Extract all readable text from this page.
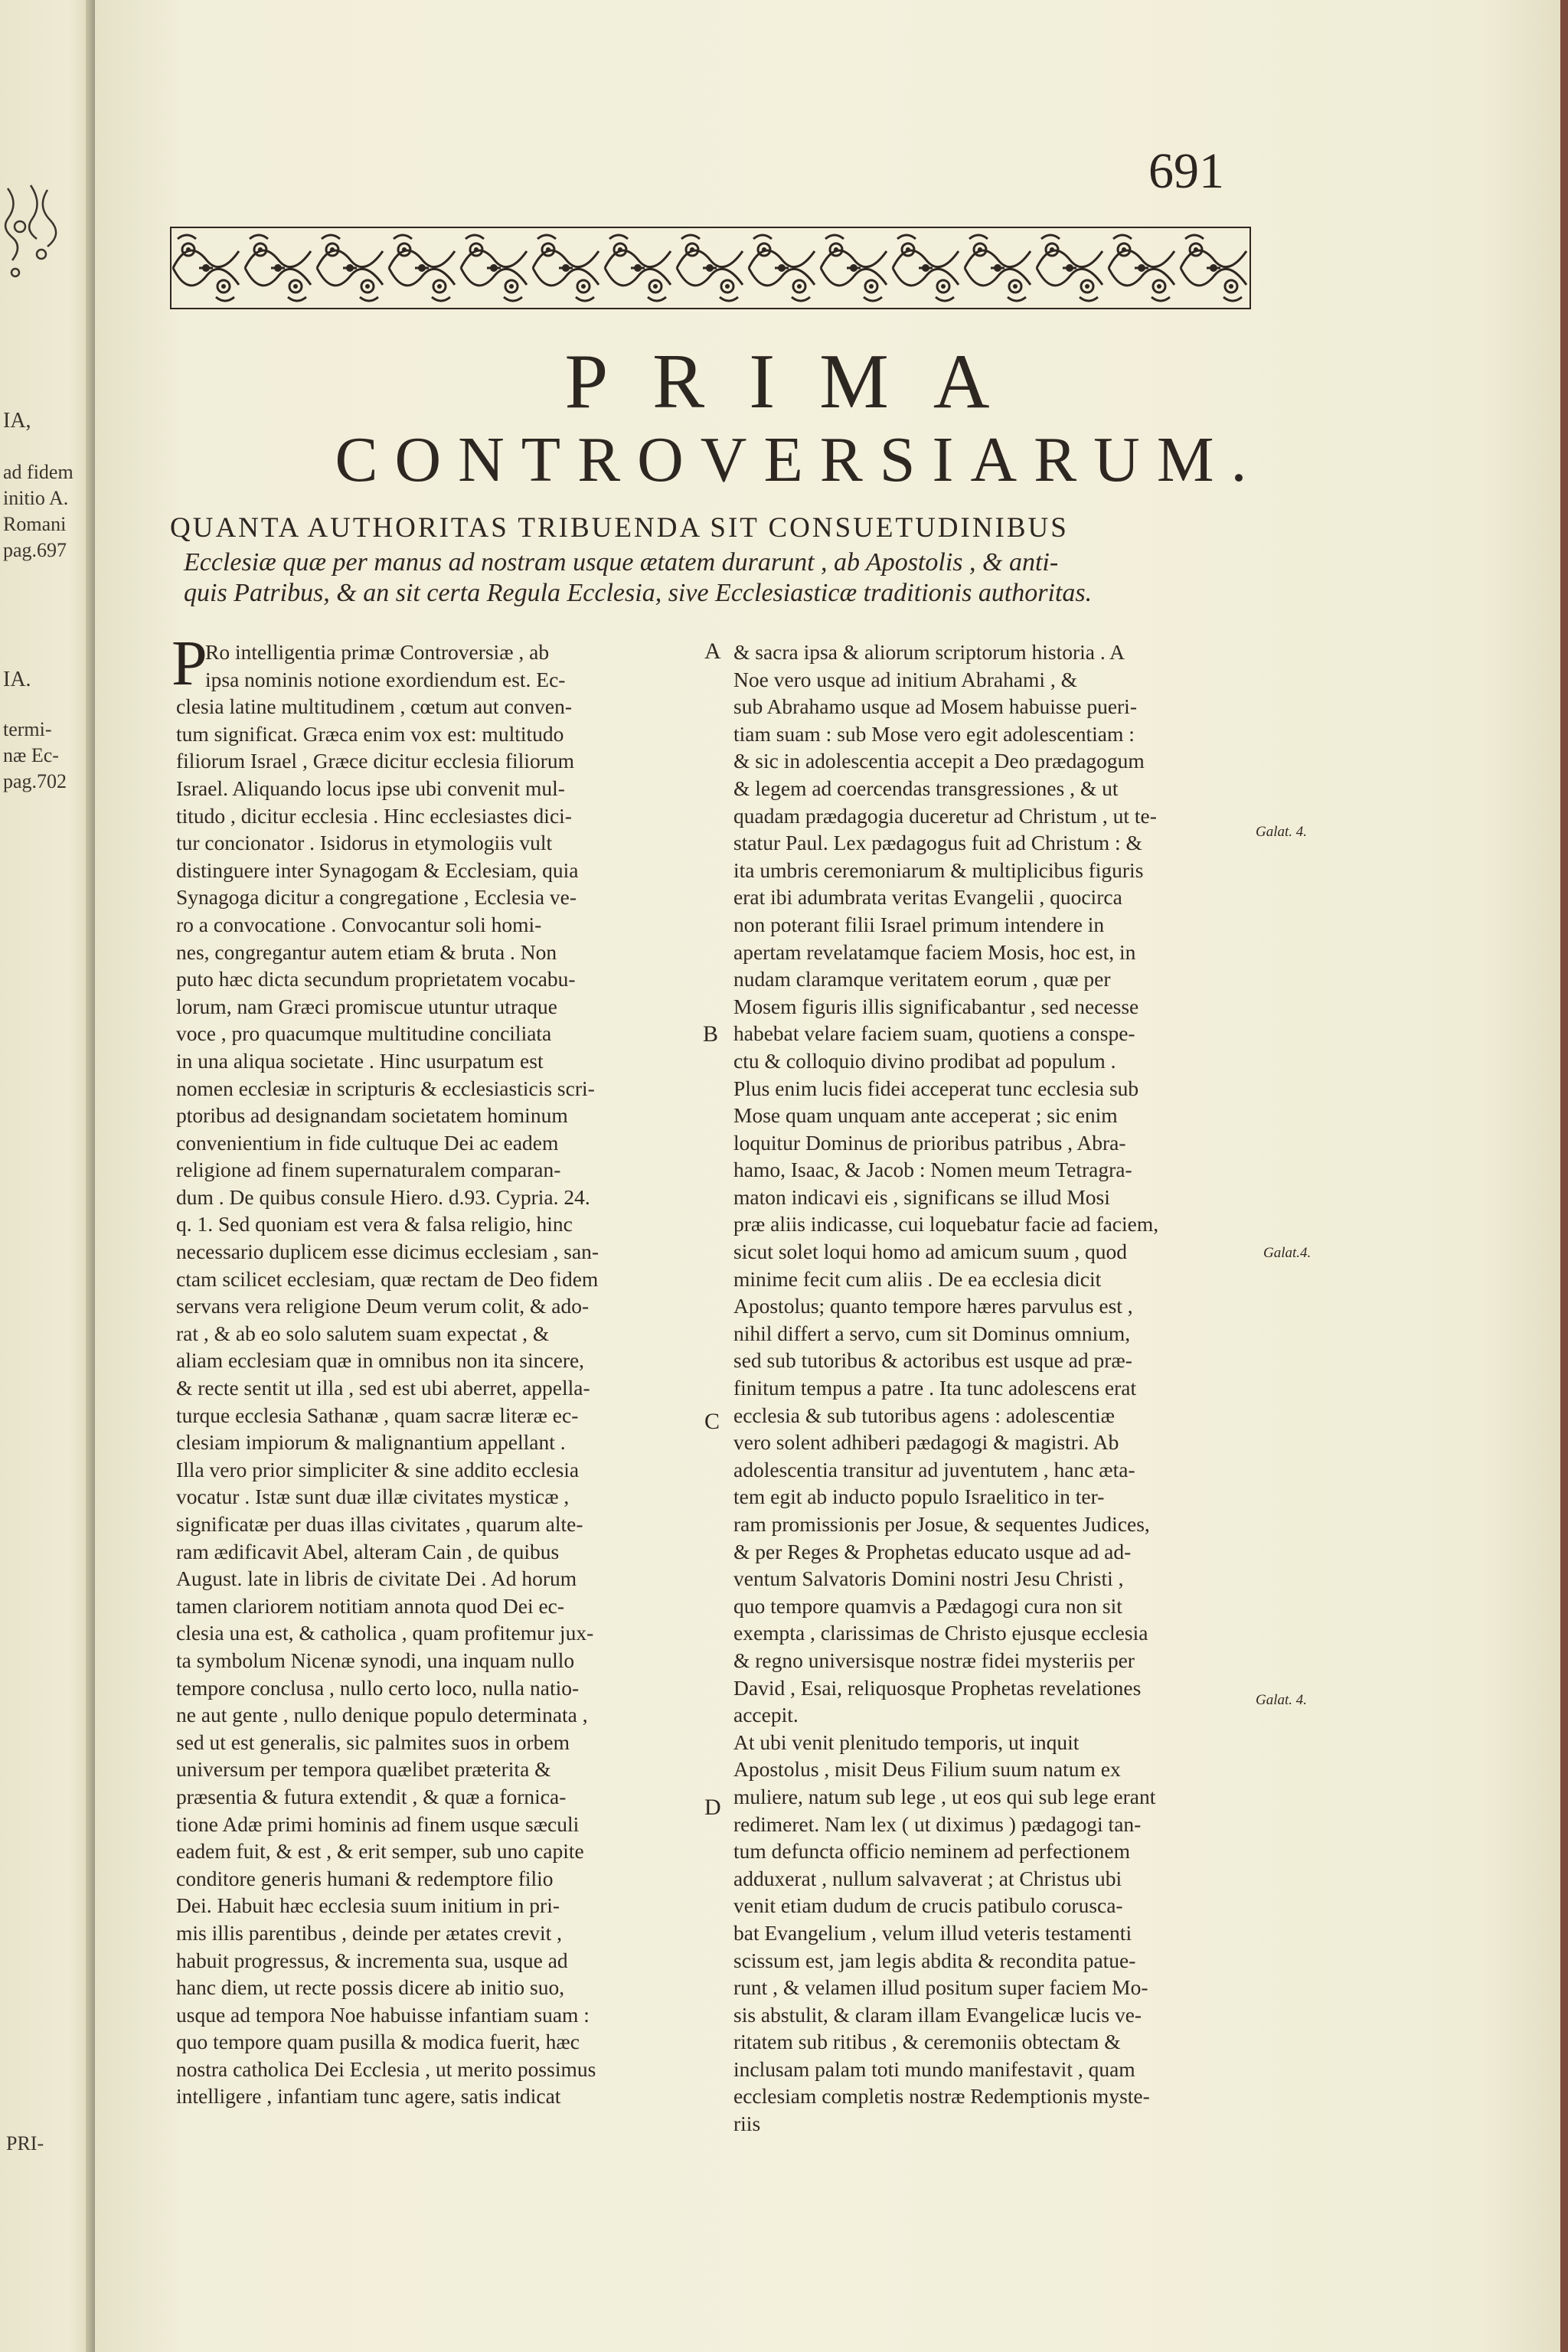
IA,
ad fidem
initio A.
Romani
pag.697
IA.
termi-
næ Ec-
pag.702
PRI-
691
PRIMA
CONTROVERSIARUM.
QUANTA AUTHORITAS TRIBUENDA SIT CONSUETUDINIBUS
Ecclesiæ quæ per manus ad nostram usque ætatem durarunt , ab Apostolis , & anti-
quis Patribus, & an sit certa Regula Ecclesia, sive Ecclesiasticæ traditionis authoritas.
P
Ro intelligentia primæ Controversiæ , ab
ipsa nominis notione exordiendum est. Ec-
clesia latine multitudinem , cœtum aut conven-
tum significat. Græca enim vox est: multitudo
filiorum Israel , Græce dicitur ecclesia filiorum
Israel. Aliquando locus ipse ubi convenit mul-
titudo , dicitur ecclesia . Hinc ecclesiastes dici-
tur concionator . Isidorus in etymologiis vult
distinguere inter Synagogam & Ecclesiam, quia
Synagoga dicitur a congregatione , Ecclesia ve-
ro a convocatione . Convocantur soli homi-
nes, congregantur autem etiam & bruta . Non
puto hæc dicta secundum proprietatem vocabu-
lorum, nam Græci promiscue utuntur utraque
voce , pro quacumque multitudine conciliata
in una aliqua societate . Hinc usurpatum est
nomen ecclesiæ in scripturis & ecclesiasticis scri-
ptoribus ad designandam societatem hominum
convenientium in fide cultuque Dei ac eadem
religione ad finem supernaturalem comparan-
dum . De quibus consule Hiero. d.93. Cypria. 24.
q. 1. Sed quoniam est vera & falsa religio, hinc
necessario duplicem esse dicimus ecclesiam , san-
ctam scilicet ecclesiam, quæ rectam de Deo fidem
servans vera religione Deum verum colit, & ado-
rat , & ab eo solo salutem suam expectat , &
aliam ecclesiam quæ in omnibus non ita sincere,
& recte sentit ut illa , sed est ubi aberret, appella-
turque ecclesia Sathanæ , quam sacræ literæ ec-
clesiam impiorum & malignantium appellant .
Illa vero prior simpliciter & sine addito ecclesia
vocatur . Istæ sunt duæ illæ civitates mysticæ ,
significatæ per duas illas civitates , quarum alte-
ram ædificavit Abel, alteram Cain , de quibus
August. late in libris de civitate Dei . Ad horum
tamen clariorem notitiam annota quod Dei ec-
clesia una est, & catholica , quam profitemur jux-
ta symbolum Nicenæ synodi, una inquam nullo
tempore conclusa , nullo certo loco, nulla natio-
ne aut gente , nullo denique populo determinata ,
sed ut est generalis, sic palmites suos in orbem
universum per tempora quælibet præterita &
præsentia & futura extendit , & quæ a fornica-
tione Adæ primi hominis ad finem usque sæculi
eadem fuit, & est , & erit semper, sub uno capite
conditore generis humani & redemptore filio
Dei. Habuit hæc ecclesia suum initium in pri-
mis illis parentibus , deinde per ætates crevit ,
habuit progressus, & incrementa sua, usque ad
hanc diem, ut recte possis dicere ab initio suo,
usque ad tempora Noe habuisse infantiam suam :
quo tempore quam pusilla & modica fuerit, hæc
nostra catholica Dei Ecclesia , ut merito possimus
intelligere , infantiam tunc agere, satis indicat
& sacra ipsa & aliorum scriptorum historia . A
Noe vero usque ad initium Abrahami , &
sub Abrahamo usque ad Mosem habuisse pueri-
tiam suam : sub Mose vero egit adolescentiam :
& sic in adolescentia accepit a Deo prædagogum
& legem ad coercendas transgressiones , & ut
quadam prædagogia duceretur ad Christum , ut te-
statur Paul. Lex pædagogus fuit ad Christum : &
ita umbris ceremoniarum & multiplicibus figuris
erat ibi adumbrata veritas Evangelii , quocirca
non poterant filii Israel primum intendere in
apertam revelatamque faciem Mosis, hoc est, in
nudam claramque veritatem eorum , quæ per
Mosem figuris illis significabantur , sed necesse
habebat velare faciem suam, quotiens a conspe-
ctu & colloquio divino prodibat ad populum .
Plus enim lucis fidei acceperat tunc ecclesia sub
Mose quam unquam ante acceperat ; sic enim
loquitur Dominus de prioribus patribus , Abra-
hamo, Isaac, & Jacob : Nomen meum Tetragra-
maton indicavi eis , significans se illud Mosi
præ aliis indicasse, cui loquebatur facie ad faciem,
sicut solet loqui homo ad amicum suum , quod
minime fecit cum aliis . De ea ecclesia dicit
Apostolus; quanto tempore hæres parvulus est ,
nihil differt a servo, cum sit Dominus omnium,
sed sub tutoribus & actoribus est usque ad præ-
finitum tempus a patre . Ita tunc adolescens erat
ecclesia & sub tutoribus agens : adolescentiæ
vero solent adhiberi pædagogi & magistri. Ab
adolescentia transitur ad juventutem , hanc æta-
tem egit ab inducto populo Israelitico in ter-
ram promissionis per Josue, & sequentes Judices,
& per Reges & Prophetas educato usque ad ad-
ventum Salvatoris Domini nostri Jesu Christi ,
quo tempore quamvis a Pædagogi cura non sit
exempta , clarissimas de Christo ejusque ecclesia
& regno universisque nostræ fidei mysteriis per
David , Esai, reliquosque Prophetas revelationes
accepit.
At ubi venit plenitudo temporis, ut inquit
Apostolus , misit Deus Filium suum natum ex
muliere, natum sub lege , ut eos qui sub lege erant
redimeret. Nam lex ( ut diximus ) pædagogi tan-
tum defuncta officio neminem ad perfectionem
adduxerat , nullum salvaverat ; at Christus ubi
venit etiam dudum de crucis patibulo corusca-
bat Evangelium , velum illud veteris testamenti
scissum est, jam legis abdita & recondita patue-
runt , & velamen illud positum super faciem Mo-
sis abstulit, & claram illam Evangelicæ lucis ve-
ritatem sub ritibus , & ceremoniis obtectam &
inclusam palam toti mundo manifestavit , quam
ecclesiam completis nostræ Redemptionis myste-
riis
A
B
C
D
Galat. 4.
Galat.4.
Galat. 4.
